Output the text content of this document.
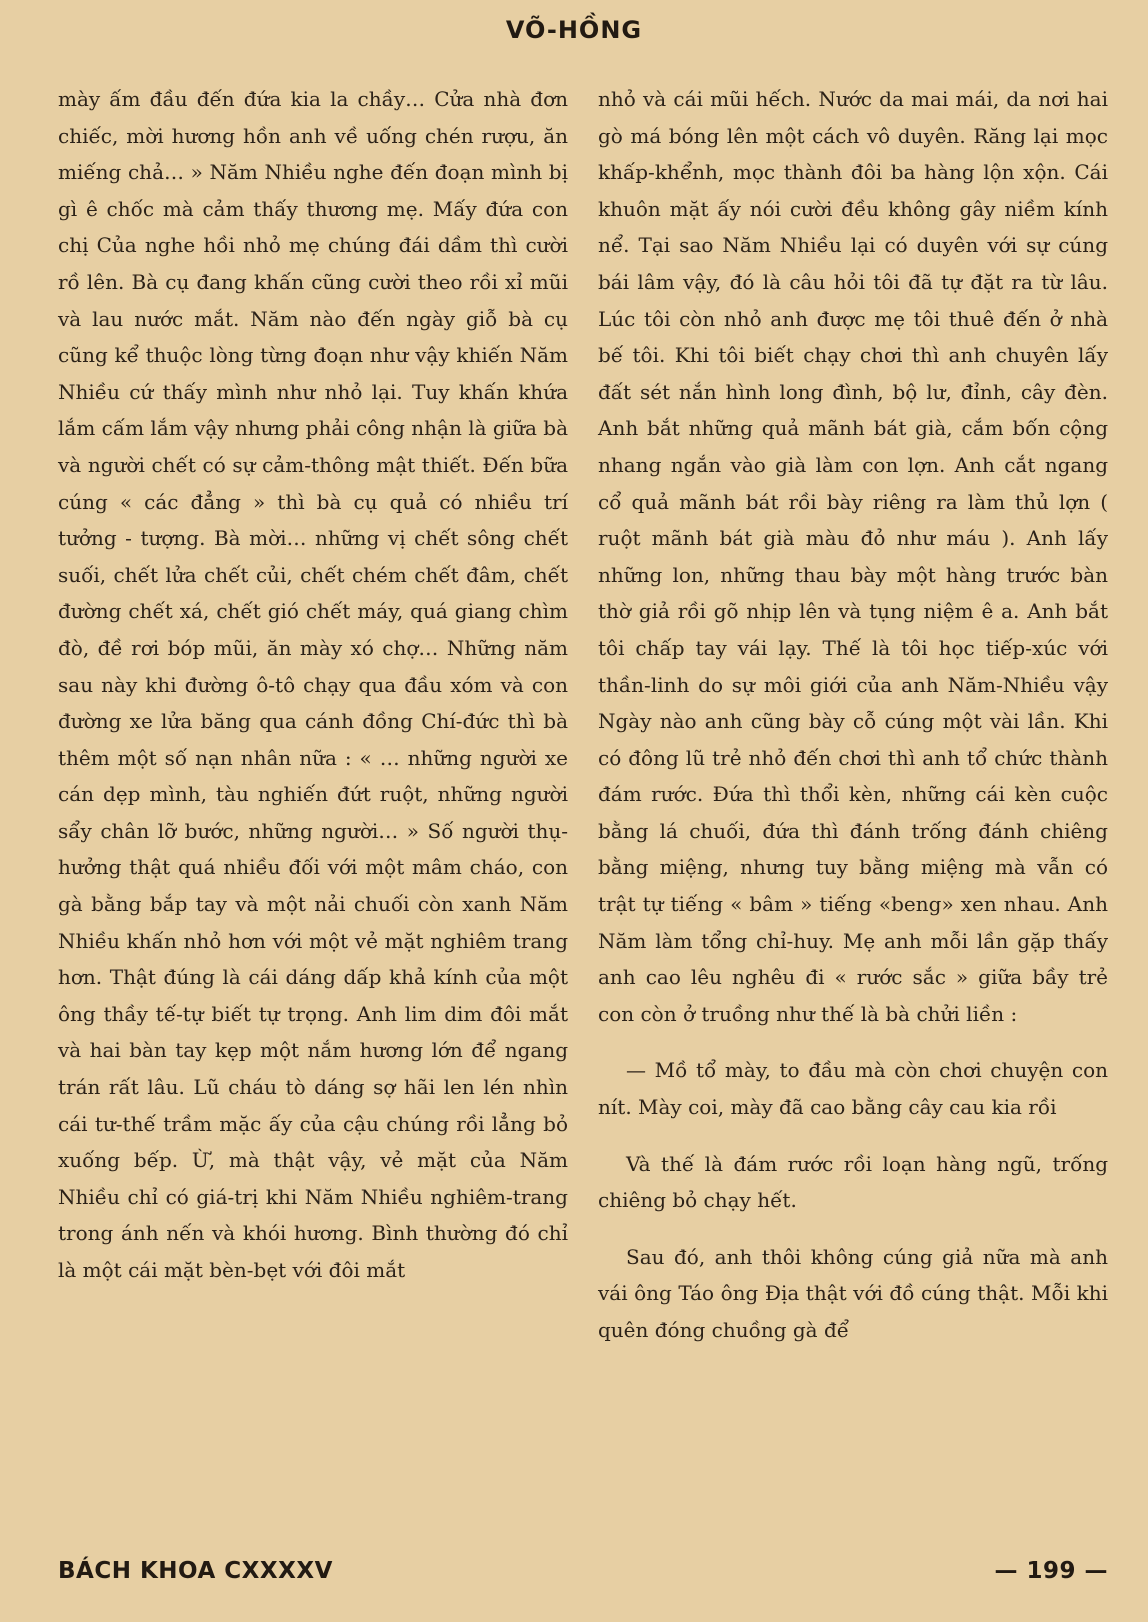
VÕ-HỒNG

mày ấm đầu đến đứa kia la chầy… Cửa nhà đơn chiếc, mời hương hồn anh về uống chén rượu, ăn miếng chả… » Năm Nhiều nghe đến đoạn mình bị gì ê chốc mà cảm thấy thương mẹ. Mấy đứa con chị Của nghe hồi nhỏ mẹ chúng đái dầm thì cười rồ lên. Bà cụ đang khấn cũng cười theo rồi xỉ mũi và lau nước mắt. Năm nào đến ngày giỗ bà cụ cũng kể thuộc lòng từng đoạn như vậy khiến Năm Nhiều cứ thấy mình như nhỏ lại. Tuy khấn khứa lắm cấm lắm vậy nhưng phải công nhận là giữa bà và người chết có sự cảm-thông mật thiết. Đến bữa cúng « các đẳng » thì bà cụ quả có nhiều trí tưởng - tượng. Bà mời… những vị chết sông chết suối, chết lửa chết củi, chết chém chết đâm, chết đường chết xá, chết gió chết máy, quá giang chìm đò, đề rơi bóp mũi, ăn mày xó chợ… Những năm sau này khi đường ô-tô chạy qua đầu xóm và con đường xe lửa băng qua cánh đồng Chí-đức thì bà thêm một số nạn nhân nữa : « … những người xe cán dẹp mình, tàu nghiến đứt ruột, những người sẩy chân lỡ bước, những người… » Số người thụ-hưởng thật quá nhiều đối với một mâm cháo, con gà bằng bắp tay và một nải chuối còn xanh Năm Nhiều khấn nhỏ hơn với một vẻ mặt nghiêm trang hơn. Thật đúng là cái dáng dấp khả kính của một ông thầy tế-tự biết tự trọng. Anh lim dim đôi mắt và hai bàn tay kẹp một nắm hương lớn để ngang trán rất lâu. Lũ cháu tò dáng sợ hãi len lén nhìn cái tư-thế trầm mặc ấy của cậu chúng rồi lẳng bỏ xuống bếp. Ừ, mà thật vậy, vẻ mặt của Năm Nhiều chỉ có giá-trị khi Năm Nhiều nghiêm-trang trong ánh nến và khói hương. Bình thường đó chỉ là một cái mặt bèn-bẹt với đôi mắt

nhỏ và cái mũi hếch. Nước da mai mái, da nơi hai gò má bóng lên một cách vô duyên. Răng lại mọc khấp-khểnh, mọc thành đôi ba hàng lộn xộn. Cái khuôn mặt ấy nói cười đều không gây niềm kính nể. Tại sao Năm Nhiều lại có duyên với sự cúng bái lâm vậy, đó là câu hỏi tôi đã tự đặt ra từ lâu. Lúc tôi còn nhỏ anh được mẹ tôi thuê đến ở nhà bế tôi. Khi tôi biết chạy chơi thì anh chuyên lấy đất sét nắn hình long đình, bộ lư, đỉnh, cây đèn. Anh bắt những quả mãnh bát già, cắm bốn cộng nhang ngắn vào già làm con lợn. Anh cắt ngang cổ quả mãnh bát rồi bày riêng ra làm thủ lợn ( ruột mãnh bát già màu đỏ như máu ). Anh lấy những lon, những thau bày một hàng trước bàn thờ giả rồi gõ nhịp lên và tụng niệm ê a. Anh bắt tôi chấp tay vái lạy. Thế là tôi học tiếp-xúc với thần-linh do sự môi giới của anh Năm-Nhiều vậy Ngày nào anh cũng bày cỗ cúng một vài lần. Khi có đông lũ trẻ nhỏ đến chơi thì anh tổ chức thành đám rước. Đứa thì thổi kèn, những cái kèn cuộc bằng lá chuối, đứa thì đánh trống đánh chiêng bằng miệng, nhưng tuy bằng miệng mà vẫn có trật tự tiếng « bâm » tiếng «beng» xen nhau. Anh Năm làm tổng chỉ-huy. Mẹ anh mỗi lần gặp thấy anh cao lêu nghêu đi « rước sắc » giữa bầy trẻ con còn ở truồng như thế là bà chửi liền :

— Mồ tổ mày, to đầu mà còn chơi chuyện con nít. Mày coi, mày đã cao bằng cây cau kia rồi

Và thế là đám rước rồi loạn hàng ngũ, trống chiêng bỏ chạy hết.

Sau đó, anh thôi không cúng giả nữa mà anh vái ông Táo ông Địa thật với đồ cúng thật. Mỗi khi quên đóng chuồng gà để

BÁCH KHOA CXXXXV	— 199 —
